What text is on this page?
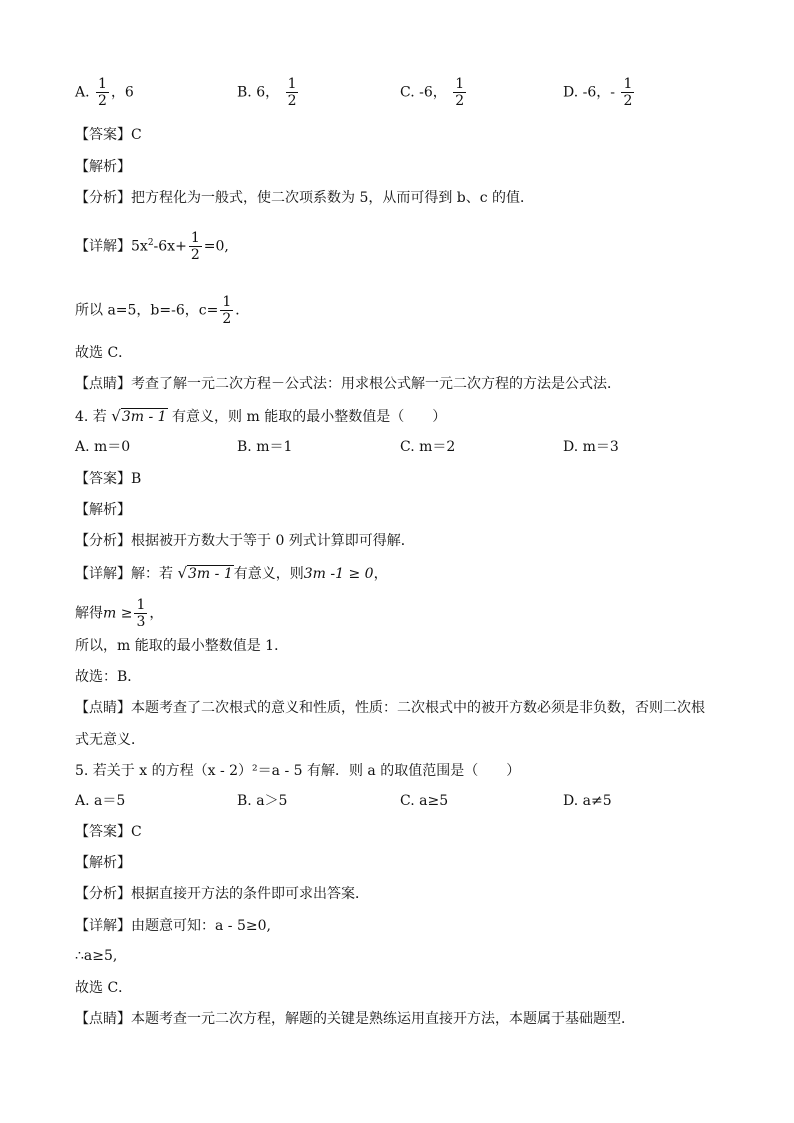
A. $\frac{1}{2}$ ，6	B. 6， $\frac{1}{2}$	C. -6， $\frac{1}{2}$	D. -6，- $\frac{1}{2}$
【答案】C
【解析】
【分析】把方程化为一般式，使二次项系数为 5，从而可得到 b、c 的值．
【详解】$5x^2-6x+ \frac{1}{2} =0$,
所以 a=5，b=-6，$c= \frac{1}{2}$ ．
故选 C．
【点睛】考查了解一元二次方程－公式法：用求根公式解一元二次方程的方法是公式法．
4. 若 √3m - 1 有意义，则 m 能取的最小整数值是（　　）
A. m＝0	B. m＝1	C. m＝2	D. m＝3
【答案】B
【解析】
【分析】根据被开方数大于等于 0 列式计算即可得解．
【详解】解：若 √3m - 1有意义，则3m -1 ≥ 0，
解得$m \ge \frac{1}{3}$ ，
所以，m 能取的最小整数值是 1．
故选：B．
【点睛】本题考查了二次根式的意义和性质，性质：二次根式中的被开方数必须是非负数，否则二次根
式无意义．
5. 若关于 x 的方程（x - 2）²＝a - 5 有解．则 a 的取值范围是（　　）
A. a＝5	B. a＞5	C. a≥5	D. a≠5
【答案】C
【解析】
【分析】根据直接开方法的条件即可求出答案．
【详解】由题意可知：a - 5≥0,
∴a≥5,
故选 C．
【点睛】本题考查一元二次方程，解题的关键是熟练运用直接开方法，本题属于基础题型．
